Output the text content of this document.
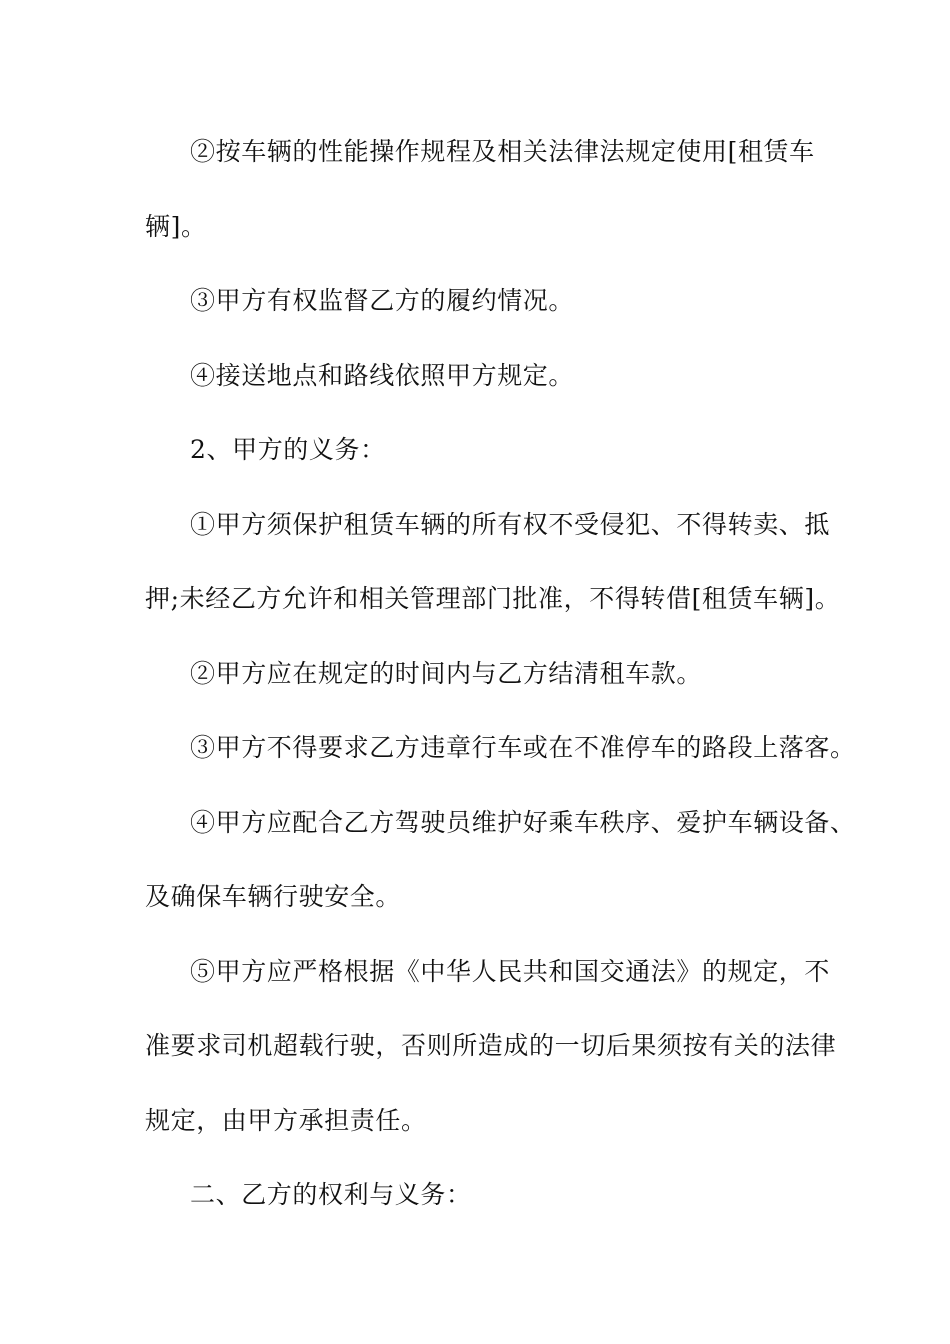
②按车辆的性能操作规程及相关法律法规定使用[租赁车
辆]。
③甲方有权监督乙方的履约情况。
④接送地点和路线依照甲方规定。
2、甲方的义务：
①甲方须保护租赁车辆的所有权不受侵犯、不得转卖、抵
押;未经乙方允许和相关管理部门批准，不得转借[租赁车辆]。
②甲方应在规定的时间内与乙方结清租车款。
③甲方不得要求乙方违章行车或在不准停车的路段上落客。
④甲方应配合乙方驾驶员维护好乘车秩序、爱护车辆设备、
及确保车辆行驶安全。
⑤甲方应严格根据《中华人民共和国交通法》的规定，不
准要求司机超载行驶，否则所造成的一切后果须按有关的法律
规定，由甲方承担责任。
二、乙方的权利与义务：
